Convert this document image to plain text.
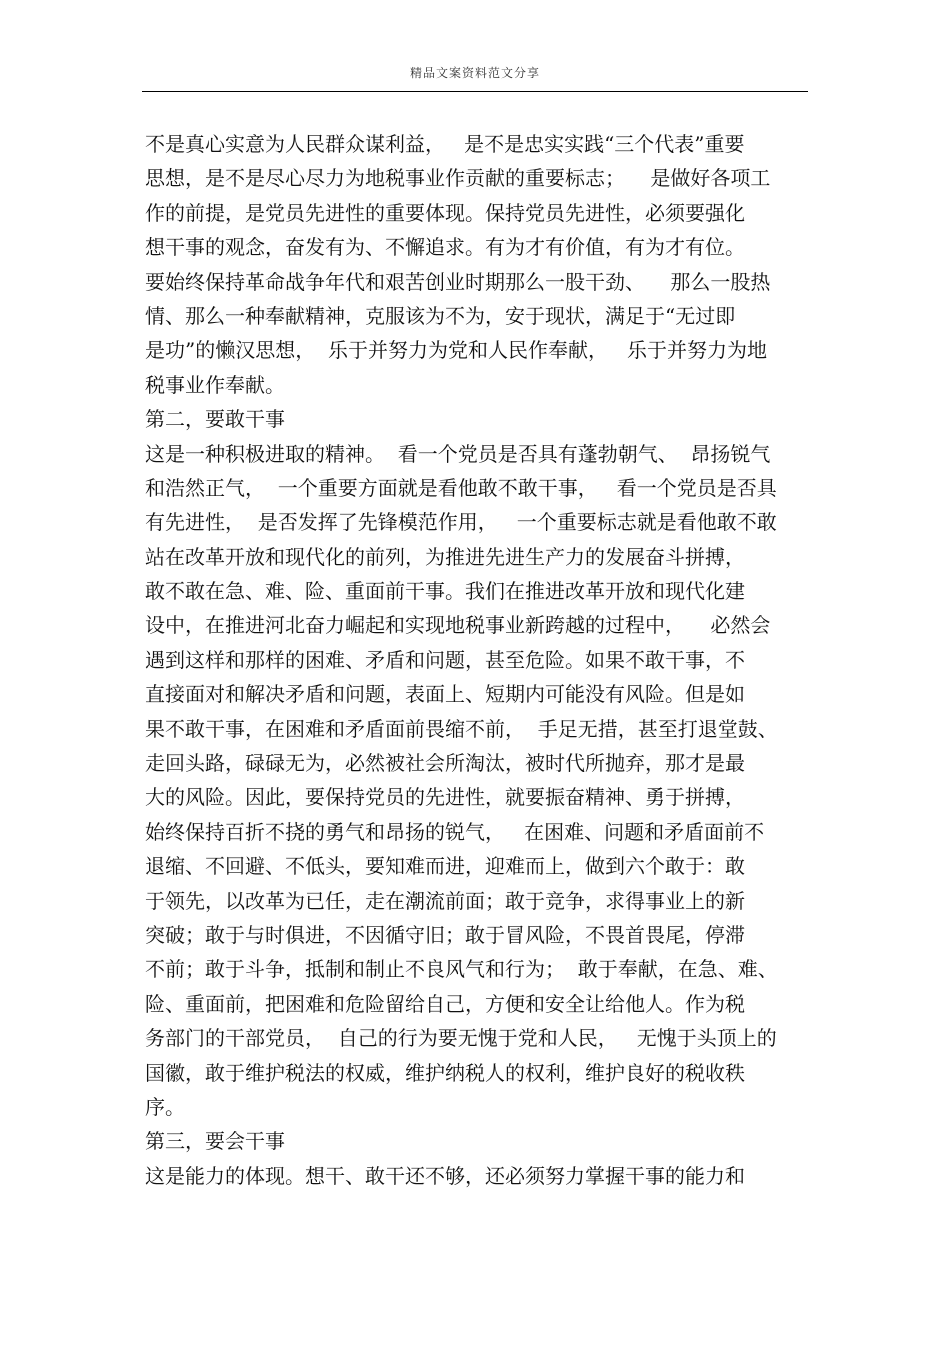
精品文案资料范文分享
不是真心实意为人民群众谋利益，   是不是忠实实践“三个代表”重要
思想，是不是尽心尽力为地税事业作贡献的重要标志；    是做好各项工
作的前提，是党员先进性的重要体现。保持党员先进性，必须要强化
想干事的观念，奋发有为、不懈追求。有为才有价值，有为才有位。
要始终保持革命战争年代和艰苦创业时期那么一股干劲、    那么一股热
情、那么一种奉献精神，克服该为不为，安于现状，满足于“无过即
是功”的懒汉思想，  乐于并努力为党和人民作奉献，   乐于并努力为地
税事业作奉献。
第二，要敢干事
这是一种积极进取的精神。  看一个党员是否具有蓬勃朝气、  昂扬锐气
和浩然正气，  一个重要方面就是看他敢不敢干事，   看一个党员是否具
有先进性，  是否发挥了先锋模范作用，   一个重要标志就是看他敢不敢
站在改革开放和现代化的前列，为推进先进生产力的发展奋斗拼搏，
敢不敢在急、难、险、重面前干事。我们在推进改革开放和现代化建
设中，在推进河北奋力崛起和实现地税事业新跨越的过程中，    必然会
遇到这样和那样的困难、矛盾和问题，甚至危险。如果不敢干事，不
直接面对和解决矛盾和问题，表面上、短期内可能没有风险。但是如
果不敢干事，在困难和矛盾面前畏缩不前，  手足无措，甚至打退堂鼓、
走回头路，碌碌无为，必然被社会所淘汰，被时代所抛弃，那才是最
大的风险。因此，要保持党员的先进性，就要振奋精神、勇于拼搏，
始终保持百折不挠的勇气和昂扬的锐气，   在困难、问题和矛盾面前不
退缩、不回避、不低头，要知难而进，迎难而上，做到六个敢于：敢
于领先，以改革为已任，走在潮流前面；敢于竞争，求得事业上的新
突破；敢于与时俱进，不因循守旧；敢于冒风险，不畏首畏尾，停滞
不前；敢于斗争，抵制和制止不良风气和行为；  敢于奉献，在急、难、
险、重面前，把困难和危险留给自己，方便和安全让给他人。作为税
务部门的干部党员，  自己的行为要无愧于党和人民，   无愧于头顶上的
国徽，敢于维护税法的权威，维护纳税人的权利，维护良好的税收秩
序。
第三，要会干事
这是能力的体现。想干、敢干还不够，还必须努力掌握干事的能力和
